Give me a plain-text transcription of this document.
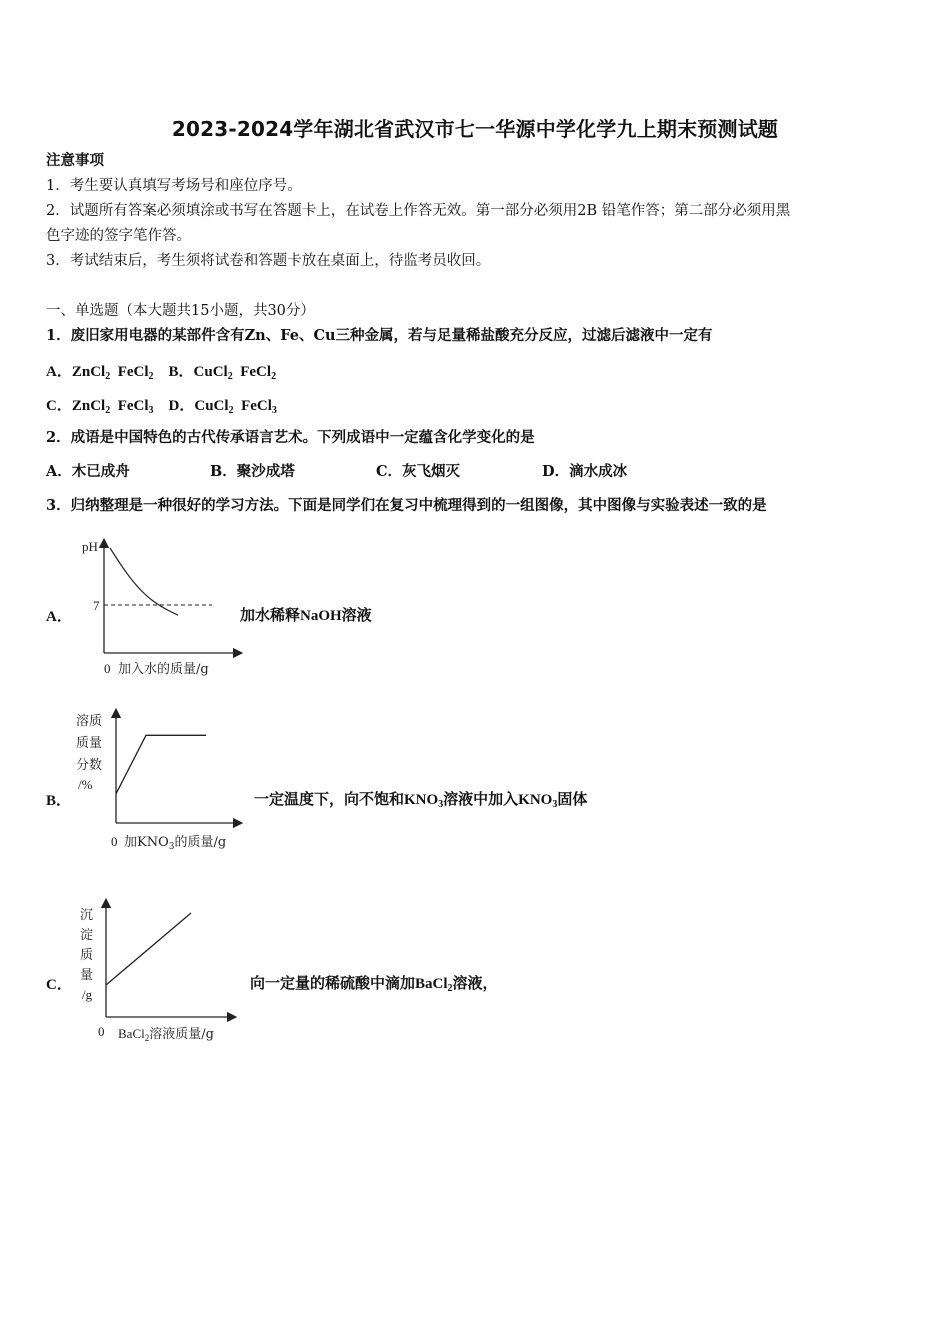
2023-2024学年湖北省武汉市七一华源中学化学九上期末预测试题
注意事项
1．考生要认真填写考场号和座位序号。
2．试题所有答案必须填涂或书写在答题卡上，在试卷上作答无效。第一部分必须用2B 铅笔作答；第二部分必须用黑
色字迹的签字笔作答。
3．考试结束后，考生须将试卷和答题卡放在桌面上，待监考员收回。
一、单选题（本大题共15小题，共30分）
1．废旧家用电器的某部件含有Zn、Fe、Cu三种金属，若与足量稀盐酸充分反应，过滤后滤液中一定有
A．ZnCl$_2$ FeCl$_2$ B．CuCl$_2$ FeCl$_2$
C．ZnCl$_2$ FeCl$_3$ D．CuCl$_2$ FeCl$_3$
2．成语是中国特色的古代传承语言艺术。下列成语中一定蕴含化学变化的是
A．木已成舟	B．聚沙成塔	C．灰飞烟灭	D．滴水成冰
3．归纳整理是一种很好的学习方法。下面是同学们在复习中梳理得到的一组图像，其中图像与实验表述一致的是
A．	加水稀释NaOH溶液
pH
7
0 加入水的质量/g
B．	一定温度下，向不饱和$KNO_3$溶液中加入$KNO_3$固体
溶质
质量
分数
/%
0 加$KNO_3$的质量/g
C．	向一定量的稀硫酸中滴加BaCl$_2$溶液，
沉
淀
质
量
/g
0 BaCl$_2$溶液质量/g
